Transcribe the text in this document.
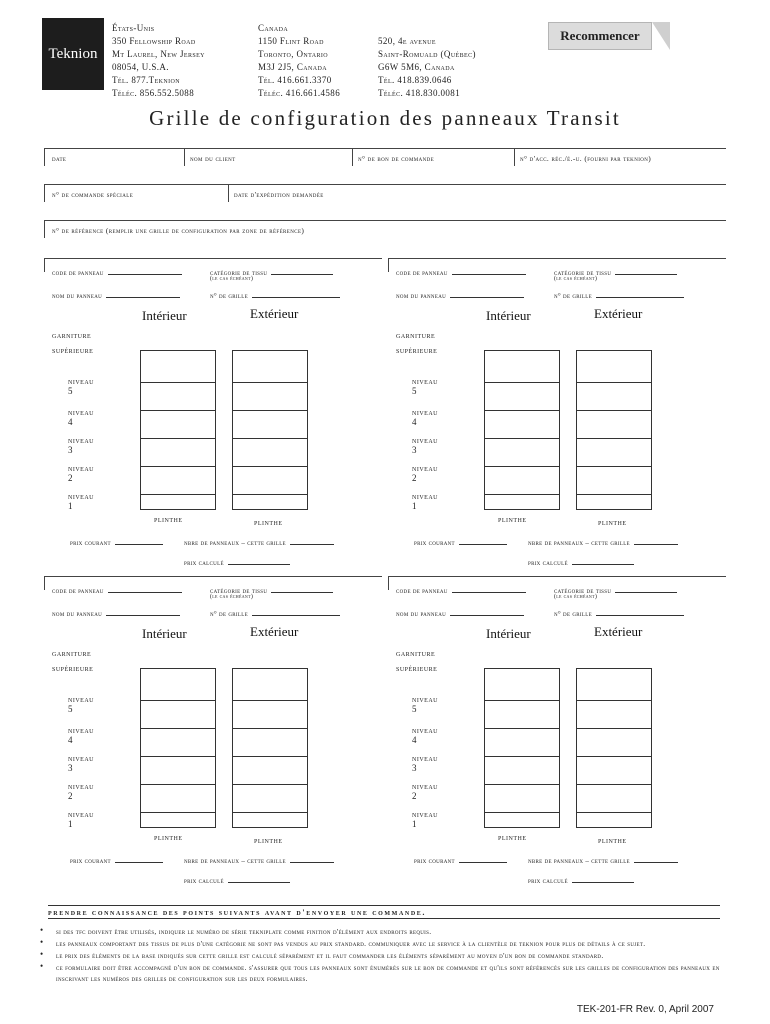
Teknion
États-Unis
350 Fellowship Road
Mt Laurel, New Jersey
08054, U.S.A.
Tél. 877.Teknion
Téléc. 856.552.5088
Canada
1150 Flint Road
Toronto, Ontario
M3J 2J5, Canada
Tél. 416.661.3370
Téléc. 416.661.4586
520, 4e avenue
Saint-Romuald (Québec)
G6W 5M6, Canada
Tél. 418.839.0646
Téléc. 418.830.0081
Recommencer
Grille de configuration des panneaux Transit
date	nom du client	n° de bon de commande	n° d'acc. réc./é.-u. (fourni par teknion)
n° de commande spéciale	date d'expédition demandée
n° de référence (remplir une grille de configuration par zone de référence)
code de panneau	catégorie de tissu
(le cas échéant)
nom du panneau	n° de grille
Intérieur	Extérieur
garniture
supérieure
niveau 5
niveau 4
niveau 3
niveau 2
niveau 1
plinthe	plinthe
prix courant	nbre de panneaux – cette grille
prix calculé
code de panneau	catégorie de tissu
(le cas échéant)
nom du panneau	n° de grille
Intérieur	Extérieur
garniture
supérieure
niveau 5
niveau 4
niveau 3
niveau 2
niveau 1
plinthe	plinthe
prix courant	nbre de panneaux – cette grille
prix calculé
code de panneau	catégorie de tissu
(le cas échéant)
nom du panneau	n° de grille
Intérieur	Extérieur
garniture
supérieure
niveau 5
niveau 4
niveau 3
niveau 2
niveau 1
plinthe	plinthe
prix courant	nbre de panneaux – cette grille
prix calculé
code de panneau	catégorie de tissu
(le cas échéant)
nom du panneau	n° de grille
Intérieur	Extérieur
garniture
supérieure
niveau 5
niveau 4
niveau 3
niveau 2
niveau 1
plinthe	plinthe
prix courant	nbre de panneaux – cette grille
prix calculé
prendre connaissance des points suivants avant d'envoyer une commande.
• si des tfc doivent être utilisés, indiquer le numéro de série tekniplate comme finition d'élément aux endroits requis.
• les panneaux comportant des tissus de plus d'une catégorie ne sont pas vendus au prix standard. communiquer avec le service à la clientèle de teknion pour plus de détails à ce sujet.
• le prix des éléments de la base indiqués sur cette grille est calculé séparément et il faut commander les éléments séparément au moyen d'un bon de commande standard.
• ce formulaire doit être accompagné d'un bon de commande. s'assurer que tous les panneaux sont énumérés sur le bon de commande et qu'ils sont référencés sur les grilles de configuration des panneaux en inscrivant les numéros des grilles de configuration sur les deux formulaires.
TEK-201-FR Rev. 0, April 2007
